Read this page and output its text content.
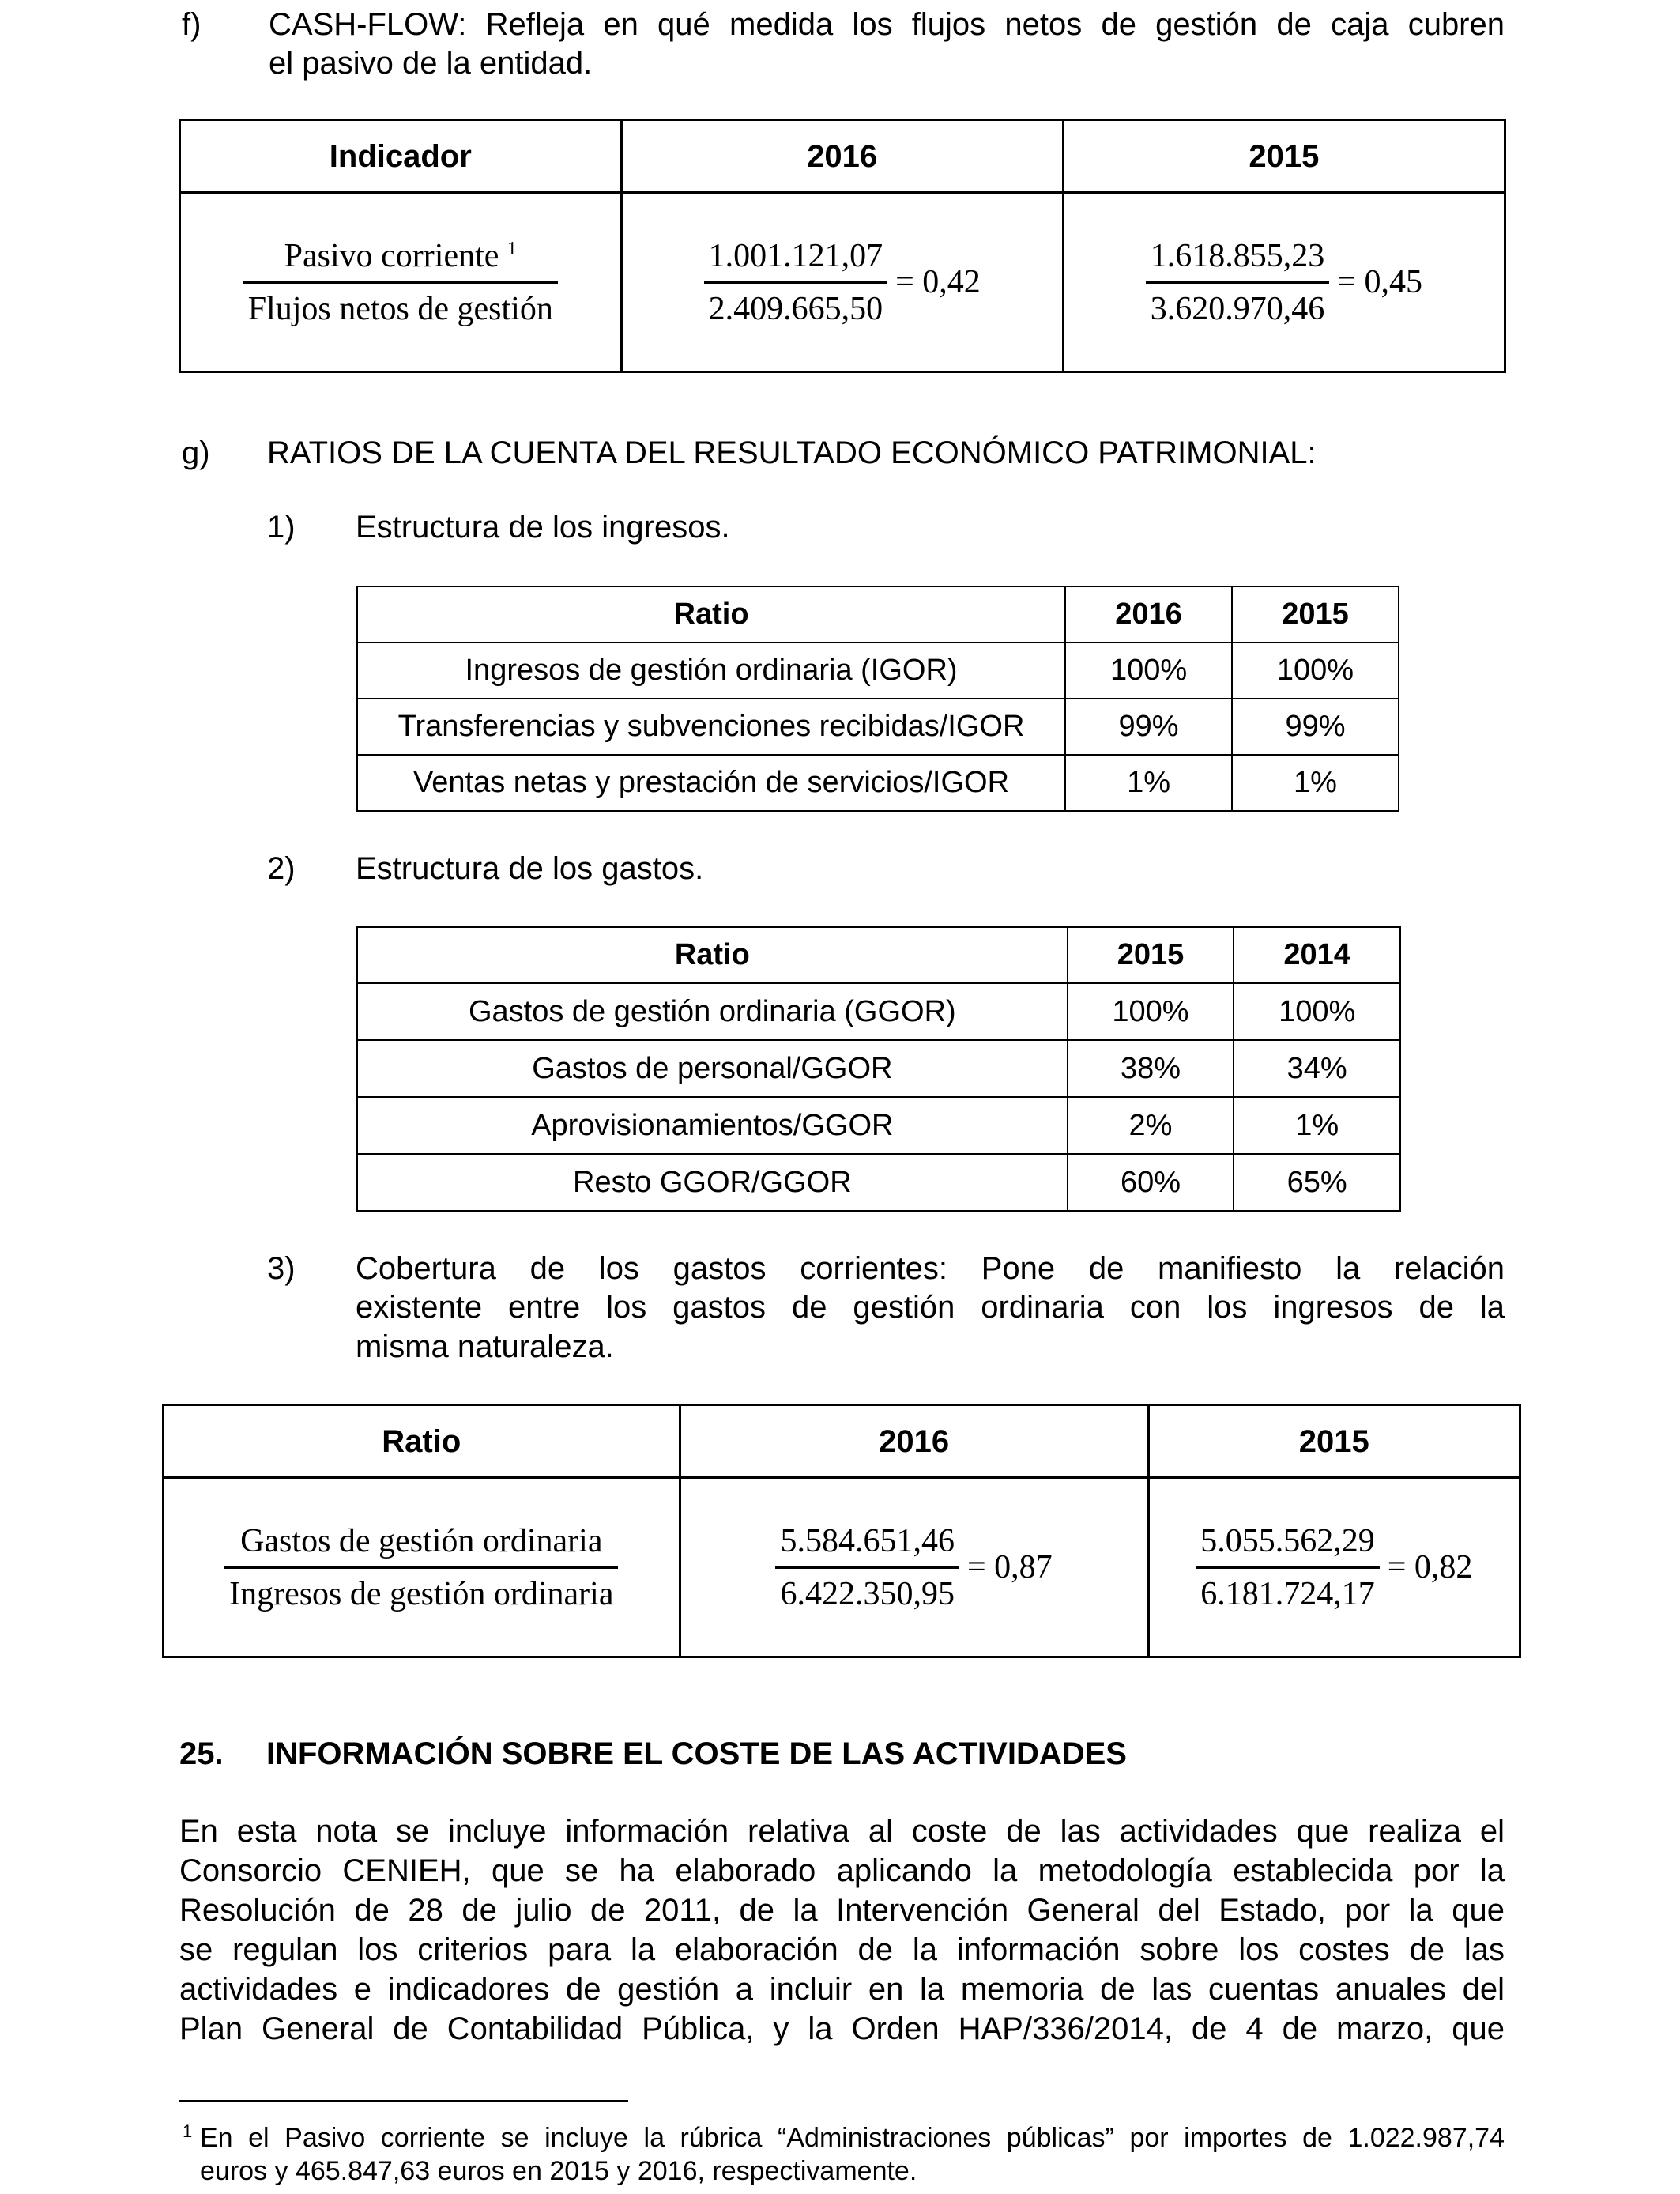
f) CASH-FLOW: Refleja en qué medida los flujos netos de gestión de caja cubren
el pasivo de la entidad.
Indicador	2016	2015

$\frac{Pasivo corriente ^1}{\text{Flujos netos de gestión}}$	$\frac{1.001.121,07}{2.409.665,50} = 0,42$	$\frac{1.618.855,23}{3.620.970,46} = 0,45$
g) RATIOS DE LA CUENTA DEL RESULTADO ECONÓMICO PATRIMONIAL:
1) Estructura de los ingresos.
Ratio	2016	2015
Ingresos de gestión ordinaria (IGOR)	100%	100%
Transferencias y subvenciones recibidas/IGOR	99%	99%
Ventas netas y prestación de servicios/IGOR	1%	1%
2) Estructura de los gastos.
Ratio	2015	2014
Gastos de gestión ordinaria (GGOR)	100%	100%
Gastos de personal/GGOR	38%	34%
Aprovisionamientos/GGOR	2%	1%
Resto GGOR/GGOR	60%	65%
3) Cobertura de los gastos corrientes: Pone de manifiesto la relación
existente entre los gastos de gestión ordinaria con los ingresos de la
misma naturaleza.
Ratio	2016	2015

$\frac{\text{Gastos de gestión ordinaria}}{\text{Ingresos de gestión ordinaria}}$	$\frac{5.584.651,46}{6.422.350,95} = 0,87$	$\frac{5.055.562,29}{6.181.724,17} = 0,82$
25. INFORMACIÓN SOBRE EL COSTE DE LAS ACTIVIDADES
En esta nota se incluye información relativa al coste de las actividades que realiza el
Consorcio CENIEH, que se ha elaborado aplicando la metodología establecida por la
Resolución de 28 de julio de 2011, de la Intervención General del Estado, por la que
se regulan los criterios para la elaboración de la información sobre los costes de las
actividades e indicadores de gestión a incluir en la memoria de las cuentas anuales del
Plan General de Contabilidad Pública, y la Orden HAP/336/2014, de 4 de marzo, que
1 En el Pasivo corriente se incluye la rúbrica “Administraciones públicas” por importes de 1.022.987,74
euros y 465.847,63 euros en 2015 y 2016, respectivamente.
